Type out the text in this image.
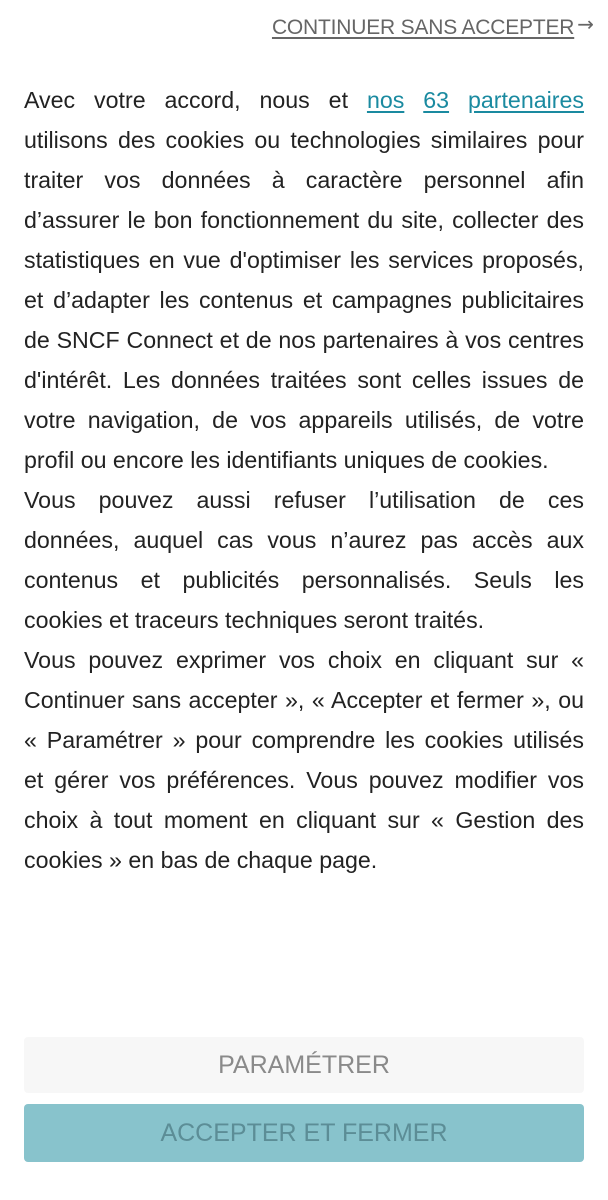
CONTINUER SANS ACCEPTER →

Avec votre accord, nous et nos 63 partenaires utilisons des cookies ou technologies similaires pour traiter vos données à caractère personnel afin d’assurer le bon fonctionnement du site, collecter des statistiques en vue d'optimiser les services proposés, et d’adapter les contenus et campagnes publicitaires de SNCF Connect et de nos partenaires à vos centres d'intérêt. Les données traitées sont celles issues de votre navigation, de vos appareils utilisés, de votre profil ou encore les identifiants uniques de cookies.

Vous pouvez aussi refuser l’utilisation de ces données, auquel cas vous n’aurez pas accès aux contenus et publicités personnalisés. Seuls les cookies et traceurs techniques seront traités.

Vous pouvez exprimer vos choix en cliquant sur « Continuer sans accepter », « Accepter et fermer », ou « Paramétrer » pour comprendre les cookies utilisés et gérer vos préférences. Vous pouvez modifier vos choix à tout moment en cliquant sur « Gestion des cookies » en bas de chaque page.

PARAMÉTRER
ACCEPTER ET FERMER
